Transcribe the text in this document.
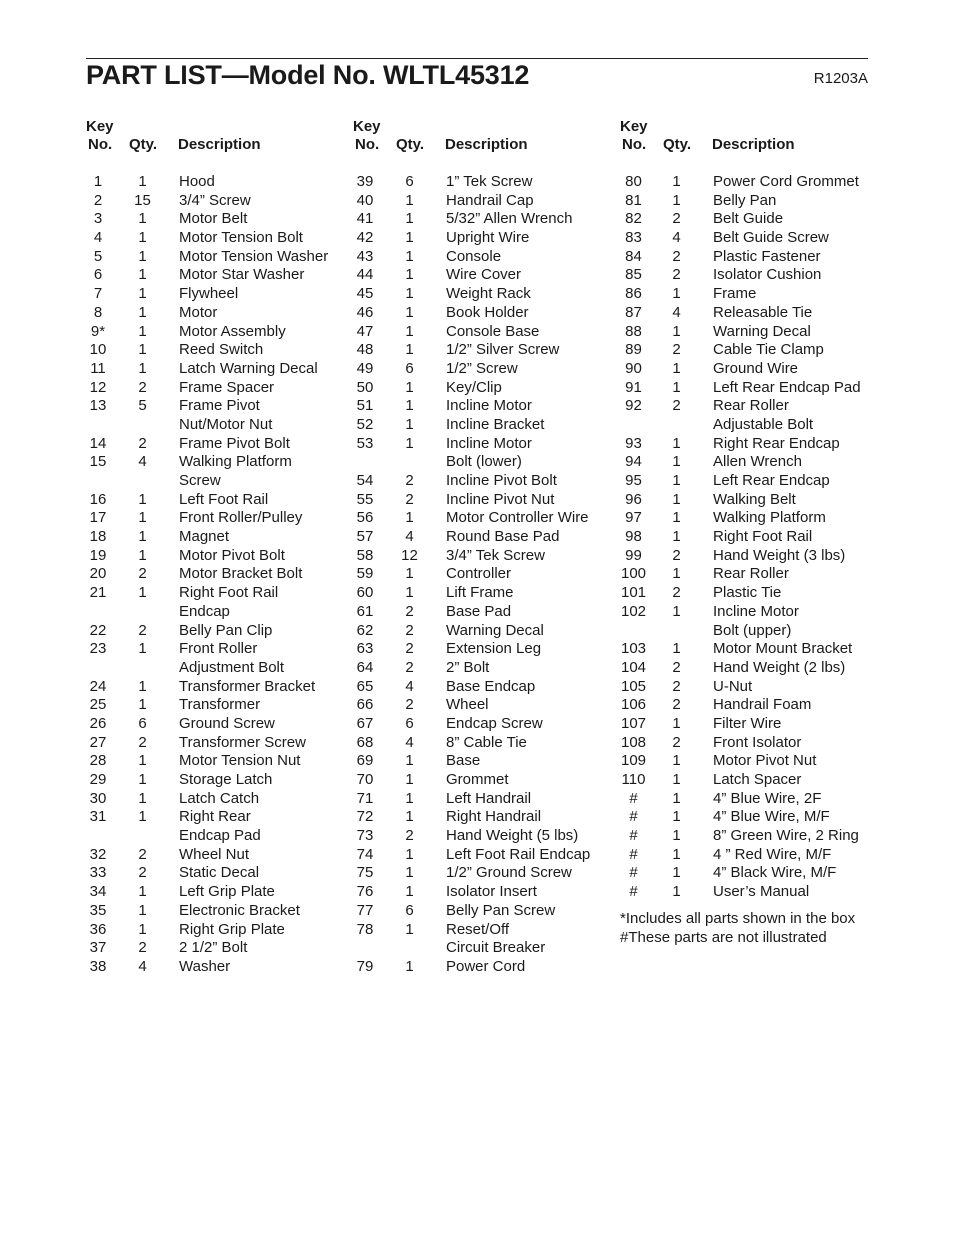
PART LIST—Model No. WLTL45312	R1203A
Key
No. Qty. Description
1	1	Hood
2	15	3/4” Screw
3	1	Motor Belt
4	1	Motor Tension Bolt
5	1	Motor Tension Washer
6	1	Motor Star Washer
7	1	Flywheel
8	1	Motor
9*	1	Motor Assembly
10	1	Reed Switch
11	1	Latch Warning Decal
12	2	Frame Spacer
13	5	Frame Pivot
Nut/Motor Nut
14	2	Frame Pivot Bolt
15	4	Walking Platform
Screw
16	1	Left Foot Rail
17	1	Front Roller/Pulley
18	1	Magnet
19	1	Motor Pivot Bolt
20	2	Motor Bracket Bolt
21	1	Right Foot Rail
Endcap
22	2	Belly Pan Clip
23	1	Front Roller
Adjustment Bolt
24	1	Transformer Bracket
25	1	Transformer
26	6	Ground Screw
27	2	Transformer Screw
28	1	Motor Tension Nut
29	1	Storage Latch
30	1	Latch Catch
31	1	Right Rear
Endcap Pad
32	2	Wheel Nut
33	2	Static Decal
34	1	Left Grip Plate
35	1	Electronic Bracket
36	1	Right Grip Plate
37	2	2 1/2” Bolt
38	4	Washer
Key
No. Qty. Description
39	6	1” Tek Screw
40	1	Handrail Cap
41	1	5/32” Allen Wrench
42	1	Upright Wire
43	1	Console
44	1	Wire Cover
45	1	Weight Rack
46	1	Book Holder
47	1	Console Base
48	1	1/2” Silver Screw
49	6	1/2” Screw
50	1	Key/Clip
51	1	Incline Motor
52	1	Incline Bracket
53	1	Incline Motor
Bolt (lower)
54	2	Incline Pivot Bolt
55	2	Incline Pivot Nut
56	1	Motor Controller Wire
57	4	Round Base Pad
58	12	3/4” Tek Screw
59	1	Controller
60	1	Lift Frame
61	2	Base Pad
62	2	Warning Decal
63	2	Extension Leg
64	2	2” Bolt
65	4	Base Endcap
66	2	Wheel
67	6	Endcap Screw
68	4	8” Cable Tie
69	1	Base
70	1	Grommet
71	1	Left Handrail
72	1	Right Handrail
73	2	Hand Weight (5 lbs)
74	1	Left Foot Rail Endcap
75	1	1/2” Ground Screw
76	1	Isolator Insert
77	6	Belly Pan Screw
78	1	Reset/Off
Circuit Breaker
79	1	Power Cord
Key
No. Qty. Description
80	1	Power Cord Grommet
81	1	Belly Pan
82	2	Belt Guide
83	4	Belt Guide Screw
84	2	Plastic Fastener
85	2	Isolator Cushion
86	1	Frame
87	4	Releasable Tie
88	1	Warning Decal
89	2	Cable Tie Clamp
90	1	Ground Wire
91	1	Left Rear Endcap Pad
92	2	Rear Roller
Adjustable Bolt
93	1	Right Rear Endcap
94	1	Allen Wrench
95	1	Left Rear Endcap
96	1	Walking Belt
97	1	Walking Platform
98	1	Right Foot Rail
99	2	Hand Weight (3 lbs)
100	1	Rear Roller
101	2	Plastic Tie
102	1	Incline Motor
Bolt (upper)
103	1	Motor Mount Bracket
104	2	Hand Weight (2 lbs)
105	2	U-Nut
106	2	Handrail Foam
107	1	Filter Wire
108	2	Front Isolator
109	1	Motor Pivot Nut
110	1	Latch Spacer
#	1	4” Blue Wire, 2F
#	1	4” Blue Wire, M/F
#	1	8” Green Wire, 2 Ring
#	1	4 ” Red Wire, M/F
#	1	4” Black Wire, M/F
#	1	User’s Manual
*Includes all parts shown in the box
#These parts are not illustrated
